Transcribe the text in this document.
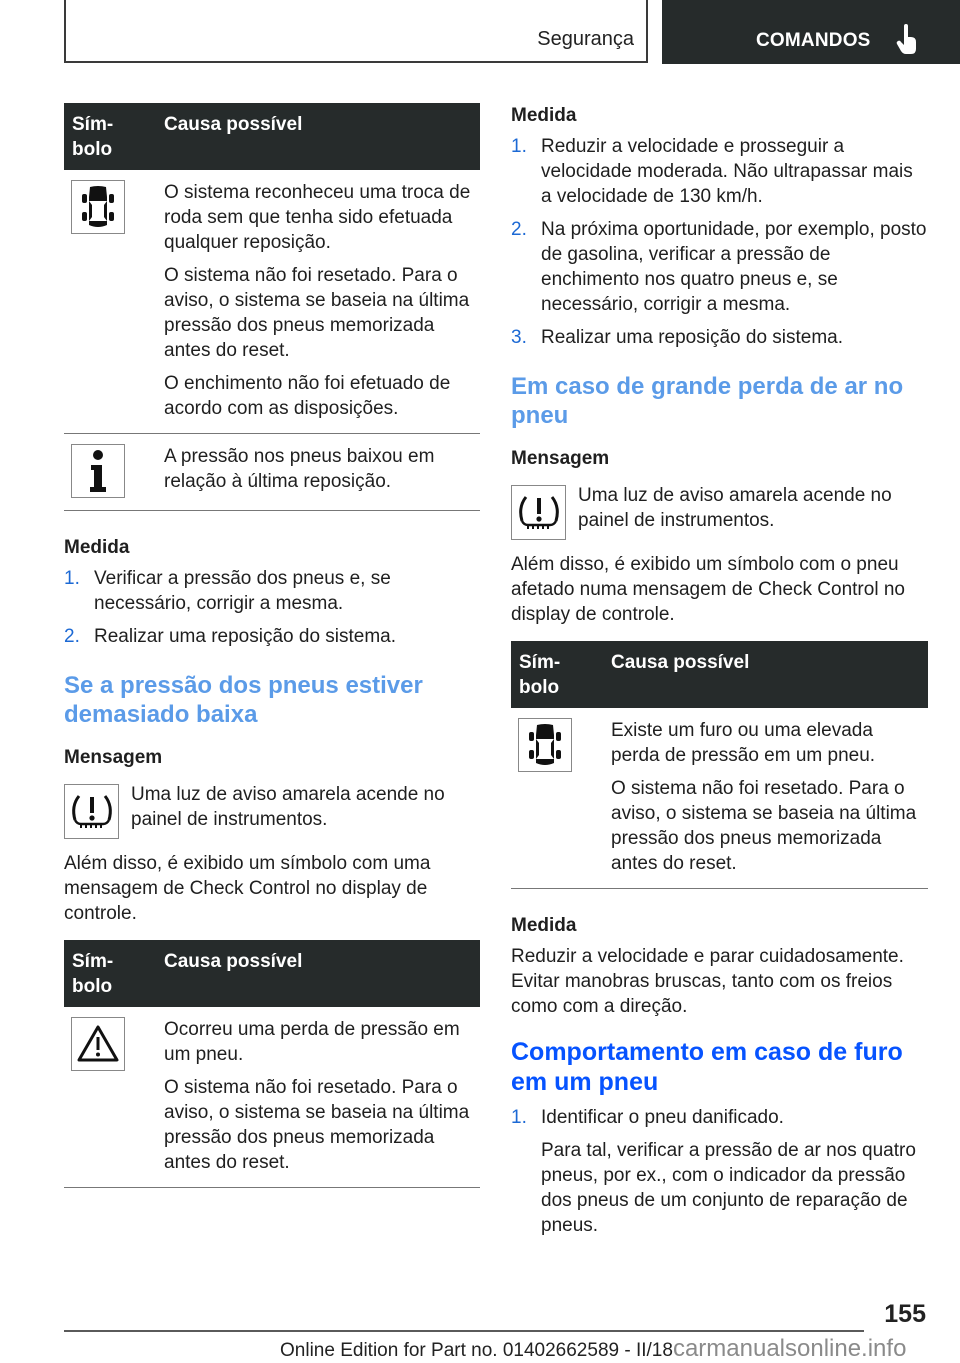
Segurança	COMANDOS
Sím-
bolo	Causa possível

O sistema reconheceu uma troca de roda sem que tenha sido efetuada qualquer reposição.

O sistema não foi resetado. Para o aviso, o sistema se baseia na última pressão dos pneus memorizada antes do reset.

O enchimento não foi efetuado de acordo com as disposições.

A pressão nos pneus baixou em relação à última reposição.

Medida
1. Verificar a pressão dos pneus e, se necessário, corrigir a mesma.
2. Realizar uma reposição do sistema.
Se a pressão dos pneus estiver demasiado baixa
Mensagem
Uma luz de aviso amarela acende no painel de instrumentos.

Além disso, é exibido um símbolo com uma mensagem de Check Control no display de controle.

Sím-
bolo	Causa possível

Ocorreu uma perda de pressão em um pneu.

O sistema não foi resetado. Para o aviso, o sistema se baseia na última pressão dos pneus memorizada antes do reset.

Medida
1. Reduzir a velocidade e prosseguir a velocidade moderada. Não ultrapassar mais a velocidade de 130 km/h.
2. Na próxima oportunidade, por exemplo, posto de gasolina, verificar a pressão de enchimento nos quatro pneus e, se necessário, corrigir a mesma.
3. Realizar uma reposição do sistema.
Em caso de grande perda de ar no pneu
Mensagem
Uma luz de aviso amarela acende no painel de instrumentos.

Além disso, é exibido um símbolo com o pneu afetado numa mensagem de Check Control no display de controle.

Sím-
bolo	Causa possível

Existe um furo ou uma elevada perda de pressão em um pneu.

O sistema não foi resetado. Para o aviso, o sistema se baseia na última pressão dos pneus memorizada antes do reset.

Medida

Reduzir a velocidade e parar cuidadosamente. Evitar manobras bruscas, tanto com os freios como com a direção.

Comportamento em caso de furo em um pneu
1. Identificar o pneu danificado.

Para tal, verificar a pressão de ar nos quatro pneus, por ex., com o indicador da pressão dos pneus de um conjunto de reparação de pneus.

155
Online Edition for Part no. 01402662589 - II/18carmanualsonline.info
